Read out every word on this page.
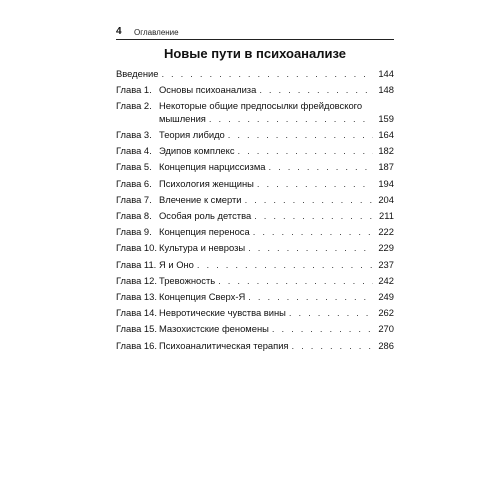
4	Оглавление
Новые пути в психоанализе
Введение . . .	144
Глава 1. Основы психоанализа . . .	148
Глава 2. Некоторые общие предпосылки фрейдовского
мышления . . .	159
Глава 3. Теория либидо . . .	164
Глава 4. Эдипов комплекс . . .	182
Глава 5. Концепция нарциссизма . . .	187
Глава 6. Психология женщины . . .	194
Глава 7. Влечение к смерти . . .	204
Глава 8. Особая роль детства . . .	211
Глава 9. Концепция переноса . . .	222
Глава 10. Культура и неврозы . . .	229
Глава 11. Я и Оно . . .	237
Глава 12. Тревожность . . .	242
Глава 13. Концепция Сверх-Я . . .	249
Глава 14. Невротические чувства вины . . .	262
Глава 15. Мазохистские феномены . . .	270
Глава 16. Психоаналитическая терапия . . .	286
